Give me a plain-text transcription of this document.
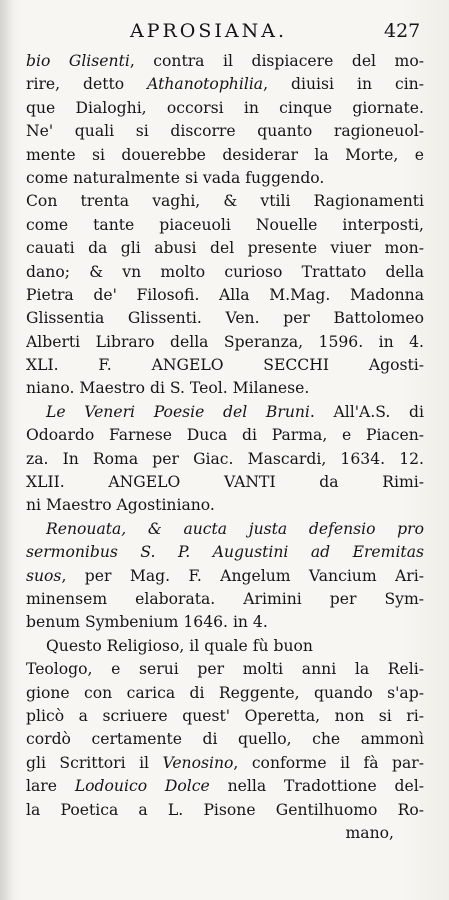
APROSIANA.	427
bio Glisenti, contra il dispiacere del mo-
rire, detto Athanotophilia, diuisi in cin-
que Dialoghi, occorsi in cinque giornate.
Ne' quali si discorre quanto ragioneuol-
mente si douerebbe desiderar la Morte, e
come naturalmente si vada fuggendo.
Con trenta vaghi, & vtili Ragionamenti
come tante piaceuoli Nouelle interposti,
cauati da gli abusi del presente viuer mon-
dano; & vn molto curioso Trattato della
Pietra de' Filosofi. Alla M.Mag. Madonna
Glissentia Glissenti. Ven. per Battolomeo
Alberti Libraro della Speranza, 1596. in 4.
XLI. F. ANGELO SECCHI Agosti-
niano. Maestro di S. Teol. Milanese.
Le Veneri Poesie del Bruni. All'A.S. di
Odoardo Farnese Duca di Parma, e Piacen-
za. In Roma per Giac. Mascardi, 1634. 12.
XLII. ANGELO VANTI da Rimi-
ni Maestro Agostiniano.
Renouata, & aucta justa defensio pro
sermonibus S. P. Augustini ad Eremitas
suos, per Mag. F. Angelum Vancium Ari-
minensem elaborata. Arimini per Sym-
benum Symbenium 1646. in 4.
Questo Religioso, il quale fù buon
Teologo, e serui per molti anni la Reli-
gione con carica di Reggente, quando s'ap-
plicò a scriuere quest' Operetta, non si ri-
cordò certamente di quello, che ammonì
gli Scrittori il Venosino, conforme il fà par-
lare Lodouico Dolce nella Tradottione del-
la Poetica a L. Pisone Gentilhuomo Ro-
mano,
